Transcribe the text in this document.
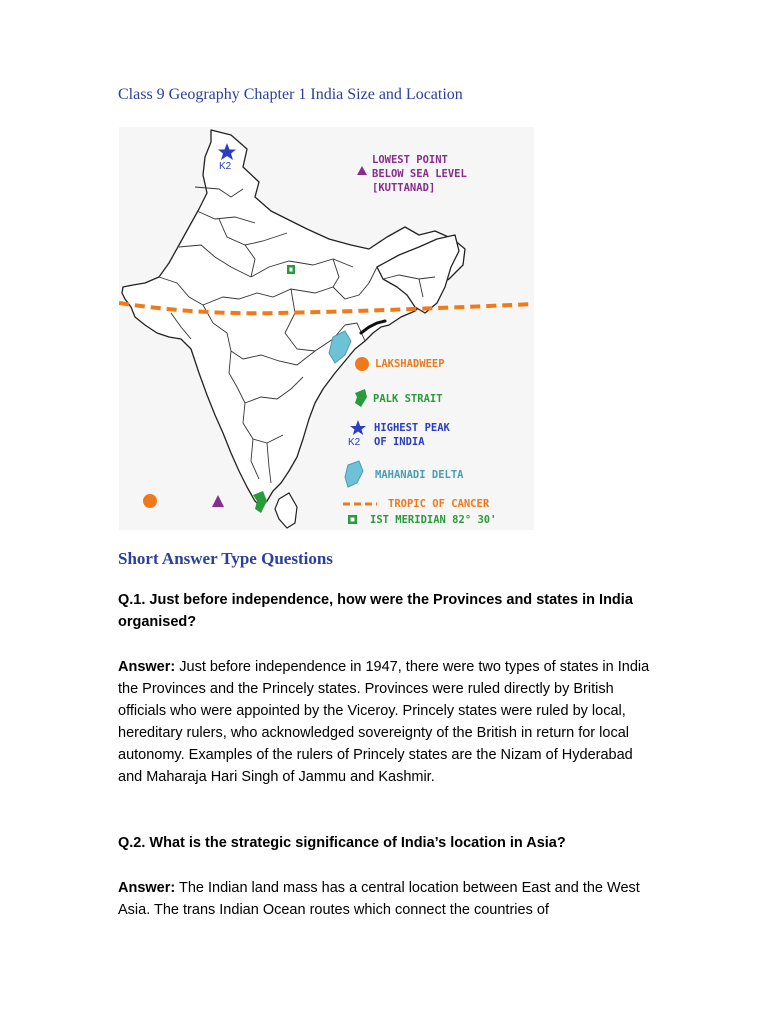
Class 9 Geography Chapter 1 India Size and Location
K2
LOWEST POINT
BELOW SEA LEVEL
[KUTTANAD]
LAKSHADWEEP
PALK STRAIT
HIGHEST PEAK
K2 OF INDIA
MAHANADI DELTA
TROPIC OF CANCER
IST MERIDIAN 82° 30'
Short Answer Type Questions

Q.1. Just before independence, how were the Provinces and states in India organised?

Answer: Just before independence in 1947, there were two types of states in India the Provinces and the Princely states. Provinces were ruled directly by British officials who were appointed by the Viceroy. Princely states were ruled by local, hereditary rulers, who acknowledged sovereignty of the British in return for local autonomy. Examples of the rulers of Princely states are the Nizam of Hyderabad and Maharaja Hari Singh of Jammu and Kashmir.

Q.2. What is the strategic significance of India’s location in Asia?

Answer: The Indian land mass has a central location between East and the West Asia. The trans Indian Ocean routes which connect the countries of
